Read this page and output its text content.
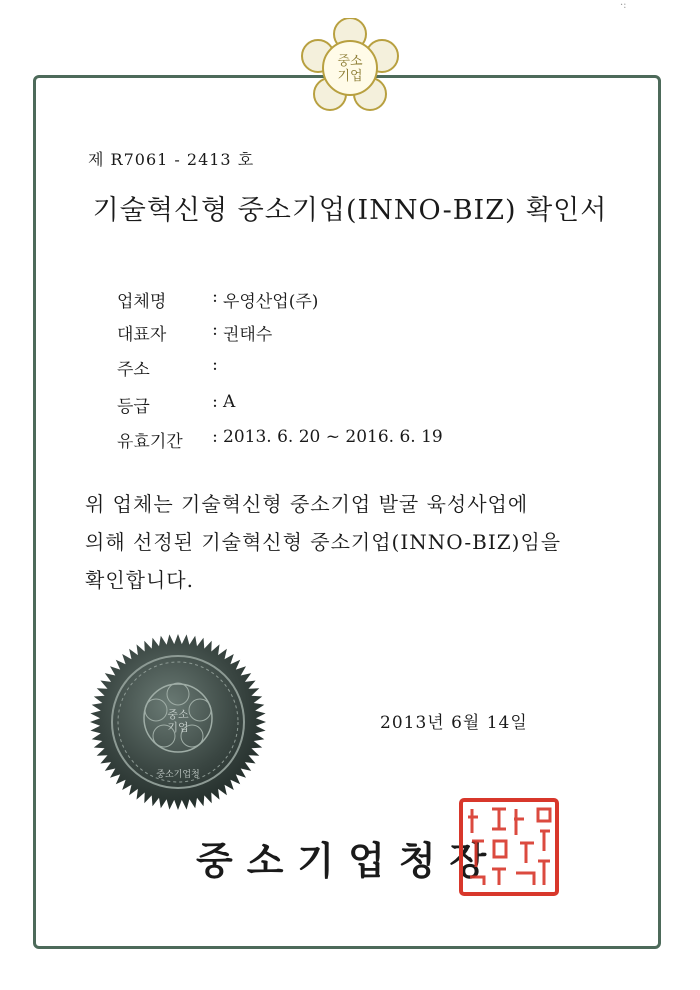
·:
중소
기업
제 R7061 - 2413 호
기술혁신형 중소기업(INNO-BIZ) 확인서
업체명	: 우영산업(주)
대표자	: 권태수
주소	:
등급	: A
유효기간	: 2013. 6. 20 ~ 2016. 6. 19
위 업체는 기술혁신형 중소기업 발굴 육성사업에
의해 선정된 기술혁신형 중소기업(INNO-BIZ)임을
확인합니다.
중소
기업
중소기업청
2013년 6월 14일
중소기업청장
